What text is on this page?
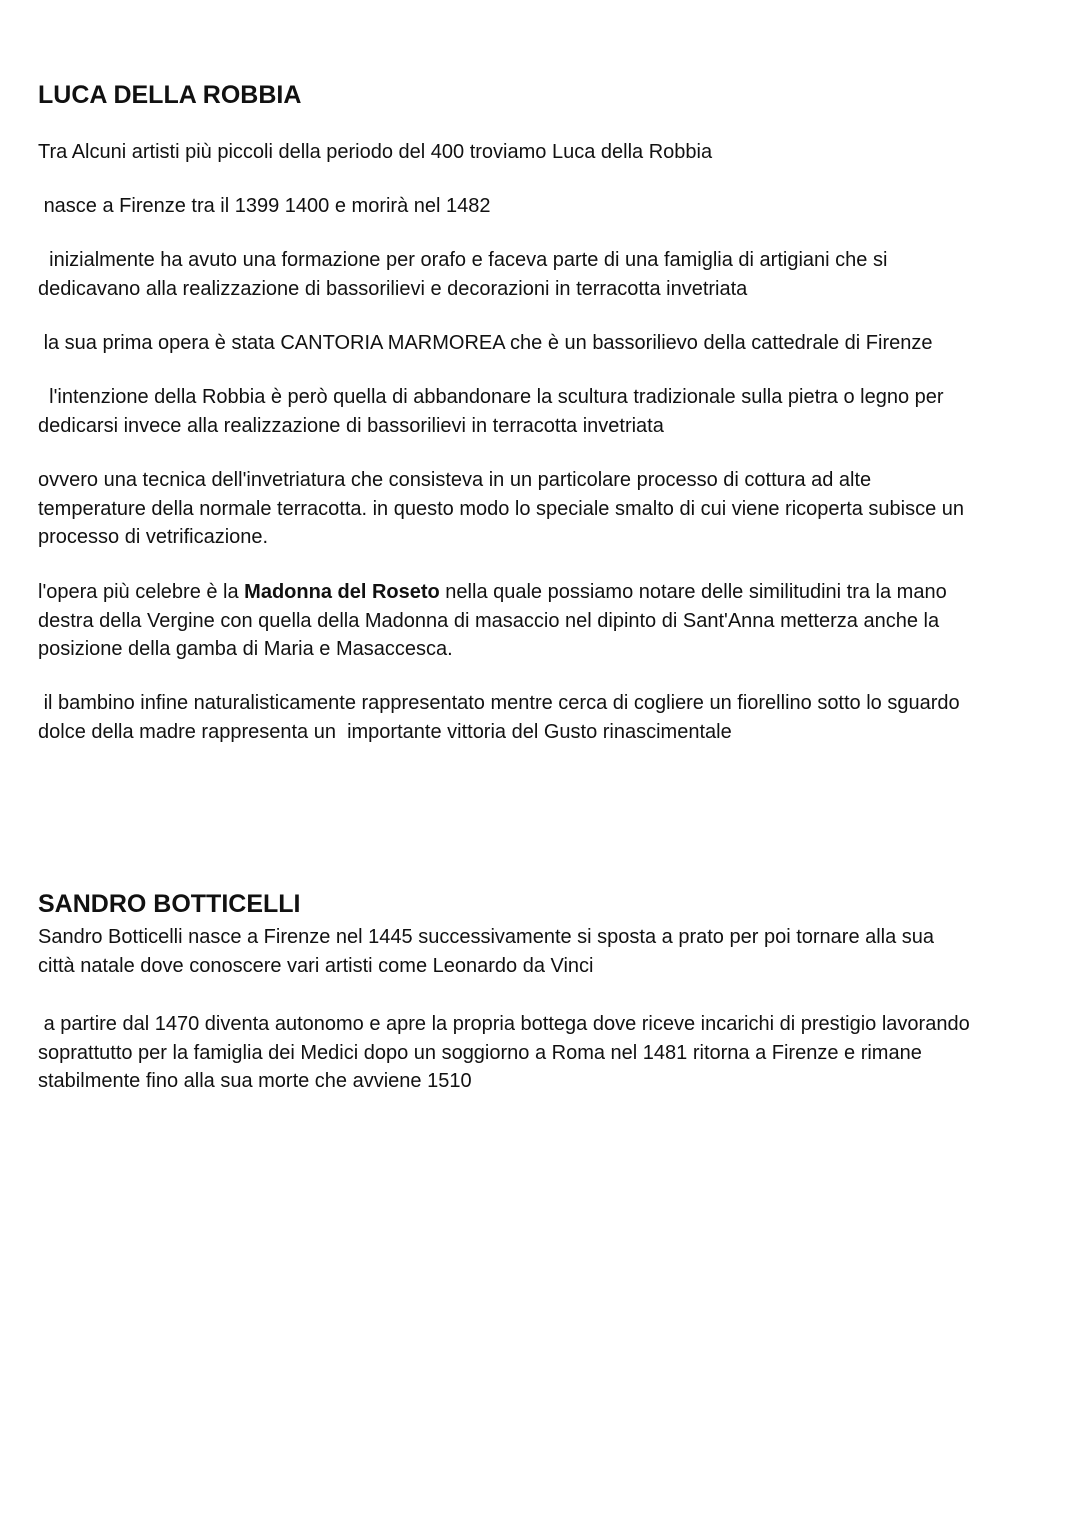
LUCA DELLA ROBBIA

Tra Alcuni artisti più piccoli della periodo del 400 troviamo Luca della Robbia

nasce a Firenze tra il 1399 1400 e morirà nel 1482

inizialmente ha avuto una formazione per orafo e faceva parte di una famiglia di artigiani che si
dedicavano alla realizzazione di bassorilievi e decorazioni in terracotta invetriata

la sua prima opera è stata CANTORIA MARMOREA che è un bassorilievo della cattedrale di Firenze

l'intenzione della Robbia è però quella di abbandonare la scultura tradizionale sulla pietra o legno per
dedicarsi invece alla realizzazione di bassorilievi in terracotta invetriata

ovvero una tecnica dell'invetriatura che consisteva in un particolare processo di cottura ad alte
temperature della normale terracotta. in questo modo lo speciale smalto di cui viene ricoperta subisce un
processo di vetrificazione.

l'opera più celebre è la Madonna del Roseto nella quale possiamo notare delle similitudini tra la mano
destra della Vergine con quella della Madonna di masaccio nel dipinto di Sant'Anna metterza anche la
posizione della gamba di Maria e Masaccesca.

il bambino infine naturalisticamente rappresentato mentre cerca di cogliere un fiorellino sotto lo sguardo
dolce della madre rappresenta un  importante vittoria del Gusto rinascimentale

SANDRO BOTTICELLI

Sandro Botticelli nasce a Firenze nel 1445 successivamente si sposta a prato per poi tornare alla sua
città natale dove conoscere vari artisti come Leonardo da Vinci

a partire dal 1470 diventa autonomo e apre la propria bottega dove riceve incarichi di prestigio lavorando
soprattutto per la famiglia dei Medici dopo un soggiorno a Roma nel 1481 ritorna a Firenze e rimane
stabilmente fino alla sua morte che avviene 1510
